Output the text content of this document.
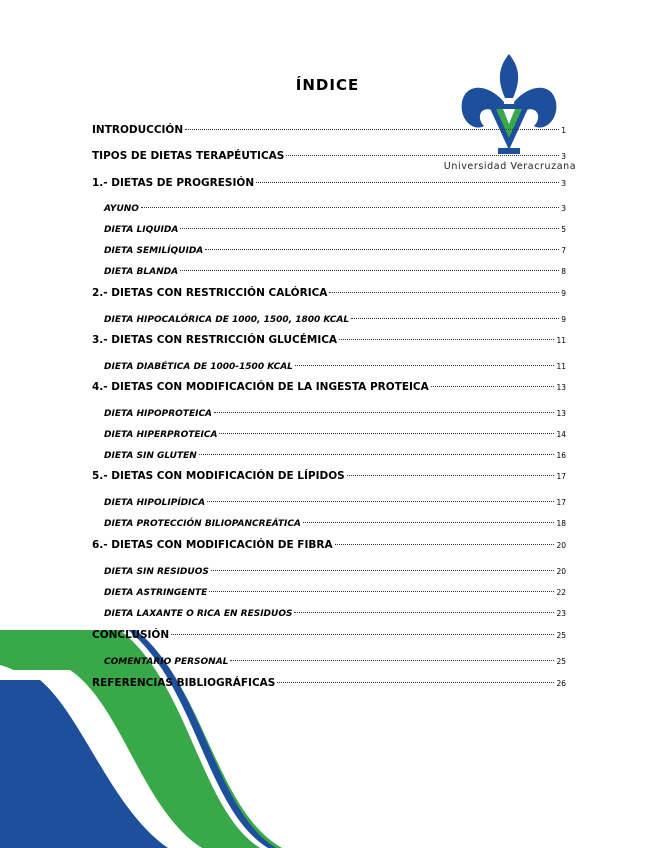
ÍNDICE
Universidad Veracruzana
INTRODUCCIÓN	1
TIPOS DE DIETAS TERAPÉUTICAS	3
1.- DIETAS DE PROGRESIÓN	3
AYUNO	3
DIETA LIQUIDA	5
DIETA SEMILÍQUIDA	7
DIETA BLANDA	8
2.- DIETAS CON RESTRICCIÓN CALÓRICA	9
DIETA HIPOCALÓRICA DE 1000, 1500, 1800 KCAL	9
3.- DIETAS CON RESTRICCIÓN GLUCÉMICA	11
DIETA DIABÉTICA DE 1000-1500 KCAL	11
4.- DIETAS CON MODIFICACIÓN DE LA INGESTA PROTEICA	13
DIETA HIPOPROTEICA	13
DIETA HIPERPROTEICA	14
DIETA SIN GLUTEN	16
5.- DIETAS CON MODIFICACIÓN DE LÍPIDOS	17
DIETA HIPOLIPÍDICA	17
DIETA PROTECCIÓN BILIOPANCREÁTICA	18
6.- DIETAS CON MODIFICACIÓN DE FIBRA	20
DIETA SIN RESIDUOS	20
DIETA ASTRINGENTE	22
DIETA LAXANTE O RICA EN RESIDUOS	23
CONCLUSIÓN	25
COMENTARIO PERSONAL	25
REFERENCIAS BIBLIOGRÁFICAS	26
